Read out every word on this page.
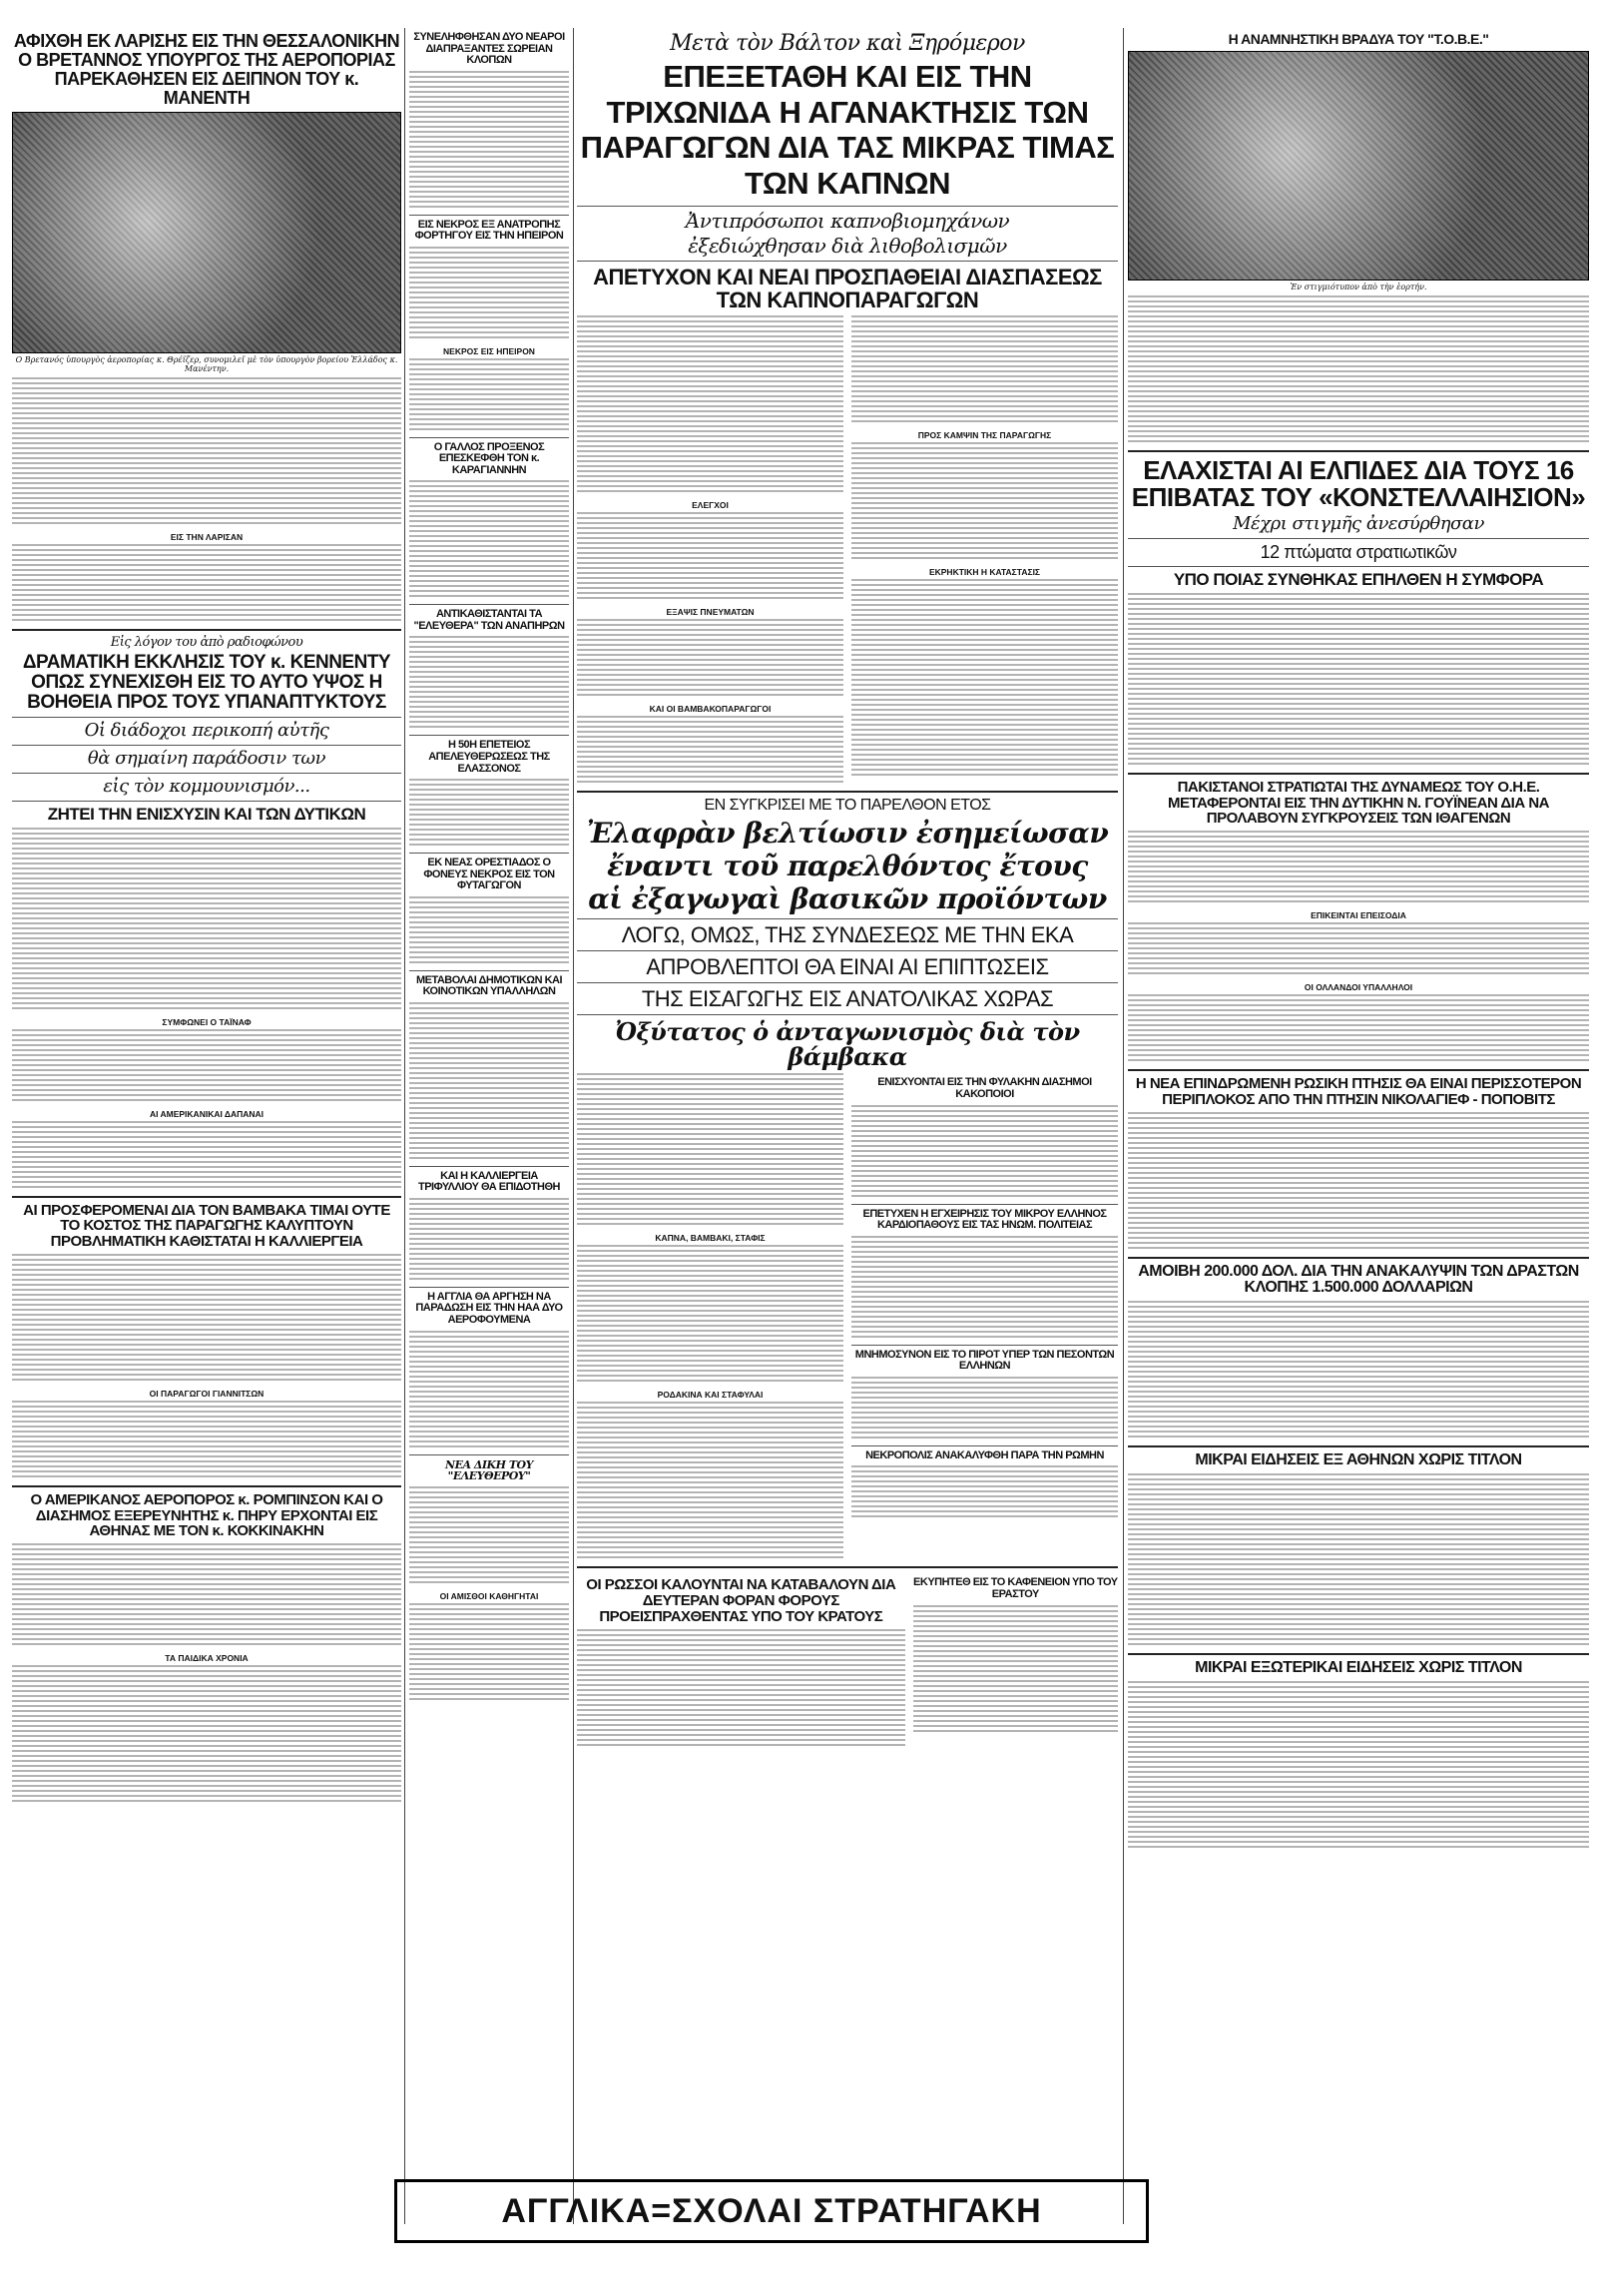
ΑΦΙΧΘΗ ΕΚ ΛΑΡΙΣΗΣ ΕΙΣ ΤΗΝ ΘΕΣΣΑΛΟΝΙΚΗΝ Ο ΒΡΕΤΑΝΝΟΣ ΥΠΟΥΡΓΟΣ ΤΗΣ ΑΕΡΟΠΟΡΙΑΣ ΠΑΡΕΚΑΘΗΣΕΝ ΕΙΣ ΔΕΙΠΝΟΝ ΤΟΥ κ. ΜΑΝΕΝΤΗ
Ο Βρετανός ὑπουργὸς ἀεροπορίας κ. Θρέϊζερ, συνομιλεῖ μὲ τὸν ὑπουργὸν βορείου Ἑλλάδος κ. Μανέντην.
ΕΙΣ ΤΗΝ ΛΑΡΙΣΑΝ
Εἰς λόγον του ἀπὸ ραδιοφώνου
ΔΡΑΜΑΤΙΚΗ ΕΚΚΛΗΣΙΣ ΤΟΥ κ. ΚΕΝΝΕΝΤΥ ΟΠΩΣ ΣΥΝΕΧΙΣΘΗ ΕΙΣ ΤΟ ΑΥΤΟ ΥΨΟΣ Η ΒΟΗΘΕΙΑ ΠΡΟΣ ΤΟΥΣ ΥΠΑΝΑΠΤΥΚΤΟΥΣ
Οἱ διάδοχοι περικοπή αὐτῆς
θὰ σημαίνη παράδοσιν των
εἰς τὸν κομμουνισμόν...
ΖΗΤΕΙ ΤΗΝ ΕΝΙΣΧΥΣΙΝ ΚΑΙ ΤΩΝ ΔΥΤΙΚΩΝ
ΣΥΜΦΩΝΕΙ Ο ΤΑΪΝΑΦ
ΑΙ ΑΜΕΡΙΚΑΝΙΚΑΙ ΔΑΠΑΝΑΙ
ΑΙ ΠΡΟΣΦΕΡΟΜΕΝΑΙ ΔΙΑ ΤΟΝ ΒΑΜΒΑΚΑ ΤΙΜΑΙ ΟΥΤΕ ΤΟ ΚΟΣΤΟΣ ΤΗΣ ΠΑΡΑΓΩΓΗΣ ΚΑΛΥΠΤΟΥΝ ΠΡΟΒΛΗΜΑΤΙΚΗ ΚΑΘΙΣΤΑΤΑΙ Η ΚΑΛΛΙΕΡΓΕΙΑ
ΟΙ ΠΑΡΑΓΩΓΟΙ ΓΙΑΝΝΙΤΣΩΝ
Ο ΑΜΕΡΙΚΑΝΟΣ ΑΕΡΟΠΟΡΟΣ κ. ΡΟΜΠΙΝΣΟΝ ΚΑΙ Ο ΔΙΑΣΗΜΟΣ ΕΞΕΡΕΥΝΗΤΗΣ κ. ΠΗΡΥ ΕΡΧΟΝΤΑΙ ΕΙΣ ΑΘΗΝΑΣ ΜΕ ΤΟΝ κ. ΚΟΚΚΙΝΑΚΗΝ
ΤΑ ΠΑΙΔΙΚΑ ΧΡΟΝΙΑ
ΣΥΝΕΛΗΦΘΗΣΑΝ ΔΥΟ ΝΕΑΡΟΙ ΔΙΑΠΡΑΞΑΝΤΕΣ ΣΩΡΕΙΑΝ ΚΛΟΠΩΝ
ΕΙΣ ΝΕΚΡΟΣ ΕΞ ΑΝΑΤΡΟΠΗΣ ΦΟΡΤΗΓΟΥ ΕΙΣ ΤΗΝ ΗΠΕΙΡΟΝ
ΝΕΚΡΟΣ ΕΙΣ ΗΠΕΙΡΟΝ
Ο ΓΑΛΛΟΣ ΠΡΟΞΕΝΟΣ ΕΠΕΣΚΕΦΘΗ ΤΟΝ κ. ΚΑΡΑΓΙΑΝΝΗΝ
ΑΝΤΙΚΑΘΙΣΤΑΝΤΑΙ ΤΑ "ΕΛΕΥΘΕΡΑ" ΤΩΝ ΑΝΑΠΗΡΩΝ
Η 50Η ΕΠΕΤΕΙΟΣ ΑΠΕΛΕΥΘΕΡΩΣΕΩΣ ΤΗΣ ΕΛΑΣΣΟΝΟΣ
ΕΚ ΝΕΑΣ ΟΡΕΣΤΙΑΔΟΣ Ο ΦΟΝΕΥΣ ΝΕΚΡΟΣ ΕΙΣ ΤΟΝ ΦΥΤΑΓΩΓΟΝ
ΜΕΤΑΒΟΛΑΙ ΔΗΜΟΤΙΚΩΝ ΚΑΙ ΚΟΙΝΟΤΙΚΩΝ ΥΠΑΛΛΗΛΩΝ
ΚΑΙ Η ΚΑΛΛΙΕΡΓΕΙΑ ΤΡΙΦΥΛΛΙΟΥ ΘΑ ΕΠΙΔΟΤΗΘΗ
Η ΑΓΓΛΙΑ ΘΑ ΑΡΓΗΣΗ ΝΑ ΠΑΡΑΔΩΣΗ ΕΙΣ ΤΗΝ ΗΑΑ ΔΥΟ ΑΕΡΟΦΟΥΜΕΝΑ
ΝΕΑ ΔΙΚΗ ΤΟΥ "ΕΛΕΥΘΕΡΟΥ"
ΟΙ ΑΜΙΣΘΟΙ ΚΑΘΗΓΗΤΑΙ
Μετὰ τὸν Βάλτον καὶ Ξηρόμερον
ΕΠΕΞΕΤΑΘΗ ΚΑΙ ΕΙΣ ΤΗΝ ΤΡΙΧΩΝΙΔΑ Η ΑΓΑΝΑΚΤΗΣΙΣ ΤΩΝ ΠΑΡΑΓΩΓΩΝ ΔΙΑ ΤΑΣ ΜΙΚΡΑΣ ΤΙΜΑΣ ΤΩΝ ΚΑΠΝΩΝ
Ἀντιπρόσωποι καπνοβιομηχάνων
ἐξεδιώχθησαν διὰ λιθοβολισμῶν
ΑΠΕΤΥΧΟΝ ΚΑΙ ΝΕΑΙ ΠΡΟΣΠΑΘΕΙΑΙ ΔΙΑΣΠΑΣΕΩΣ ΤΩΝ ΚΑΠΝΟΠΑΡΑΓΩΓΩΝ
ΕΛΕΓΧΟΙ
ΕΞΑΨΙΣ ΠΝΕΥΜΑΤΩΝ
ΚΑΙ ΟΙ ΒΑΜΒΑΚΟΠΑΡΑΓΩΓΟΙ
ΠΡΟΣ ΚΑΜΨΙΝ ΤΗΣ ΠΑΡΑΓΩΓΗΣ
ΕΚΡΗΚΤΙΚΗ Η ΚΑΤΑΣΤΑΣΙΣ
ΕΝ ΣΥΓΚΡΙΣΕΙ ΜΕ ΤΟ ΠΑΡΕΛΘΟΝ ΕΤΟΣ
Ἐλαφρὰν βελτίωσιν ἐσημείωσαν
ἔναντι τοῦ παρελθόντος ἔτους
αἱ ἐξαγωγαὶ βασικῶν προϊόντων
ΛΟΓΩ, ΟΜΩΣ, ΤΗΣ ΣΥΝΔΕΣΕΩΣ ΜΕ ΤΗΝ ΕΚΑ
ΑΠΡΟΒΛΕΠΤΟΙ ΘΑ ΕΙΝΑΙ ΑΙ ΕΠΙΠΤΩΣΕΙΣ
ΤΗΣ ΕΙΣΑΓΩΓΗΣ ΕΙΣ ΑΝΑΤΟΛΙΚΑΣ ΧΩΡΑΣ
Ὀξύτατος ὁ ἀνταγωνισμὸς διὰ τὸν βάμβακα
ΚΑΠΝΑ, ΒΑΜΒΑΚΙ, ΣΤΑΦΙΣ
ΡΟΔΑΚΙΝΑ ΚΑΙ ΣΤΑΦΥΛΑΙ
ΕΝΙΣΧΥΟΝΤΑΙ ΕΙΣ ΤΗΝ ΦΥΛΑΚΗΝ ΔΙΑΣΗΜΟΙ ΚΑΚΟΠΟΙΟΙ
ΕΠΕΤΥΧΕΝ Η ΕΓΧΕΙΡΗΣΙΣ ΤΟΥ ΜΙΚΡΟΥ ΕΛΛΗΝΟΣ ΚΑΡΔΙΟΠΑΘΟΥΣ ΕΙΣ ΤΑΣ ΗΝΩΜ. ΠΟΛΙΤΕΙΑΣ
ΜΝΗΜΟΣΥΝΟΝ ΕΙΣ ΤΟ ΠΙΡΟΤ ΥΠΕΡ ΤΩΝ ΠΕΣΟΝΤΩΝ ΕΛΛΗΝΩΝ
ΝΕΚΡΟΠΟΛΙΣ ΑΝΑΚΑΛΥΦΘΗ ΠΑΡΑ ΤΗΝ ΡΩΜΗΝ
ΟΙ ΡΩΣΣΟΙ ΚΑΛΟΥΝΤΑΙ ΝΑ ΚΑΤΑΒΑΛΟΥΝ ΔΙΑ ΔΕΥΤΕΡΑΝ ΦΟΡΑΝ ΦΟΡΟΥΣ ΠΡΟΕΙΣΠΡΑΧΘΕΝΤΑΣ ΥΠΟ ΤΟΥ ΚΡΑΤΟΥΣ
ΕΚΥΠΗΤΕΘ ΕΙΣ ΤΟ ΚΑΦΕΝΕΙΟΝ ΥΠΟ ΤΟΥ ΕΡΑΣΤΟΥ
Η ΑΝΑΜΝΗΣΤΙΚΗ ΒΡΑΔΥΑ ΤΟΥ "Τ.Ο.Β.Ε."
Ἐν στιγμιότυπον ἀπὸ τὴν ἑορτήν.
ΕΛΑΧΙΣΤΑΙ ΑΙ ΕΛΠΙΔΕΣ ΔΙΑ ΤΟΥΣ 16 ΕΠΙΒΑΤΑΣ ΤΟΥ «ΚΟΝΣΤΕΛΛΑΙΗΣΙΟΝ»
Μέχρι στιγμῆς ἀνεσύρθησαν
12 πτώματα στρατιωτικῶν
ΥΠΟ ΠΟΙΑΣ ΣΥΝΘΗΚΑΣ ΕΠΗΛΘΕΝ Η ΣΥΜΦΟΡΑ
ΠΑΚΙΣΤΑΝΟΙ ΣΤΡΑΤΙΩΤΑΙ ΤΗΣ ΔΥΝΑΜΕΩΣ ΤΟΥ Ο.Η.Ε. ΜΕΤΑΦΕΡΟΝΤΑΙ ΕΙΣ ΤΗΝ ΔΥΤΙΚΗΝ Ν. ΓΟΥΪΝΕΑΝ ΔΙΑ ΝΑ ΠΡΟΛΑΒΟΥΝ ΣΥΓΚΡΟΥΣΕΙΣ ΤΩΝ ΙΘΑΓΕΝΩΝ
ΕΠΙΚΕΙΝΤΑΙ ΕΠΕΙΣΟΔΙΑ
ΟΙ ΟΛΛΑΝΔΟΙ ΥΠΑΛΛΗΛΟΙ
Η ΝΕΑ ΕΠΙΝΔΡΩΜΕΝΗ ΡΩΣΙΚΗ ΠΤΗΣΙΣ ΘΑ ΕΙΝΑΙ ΠΕΡΙΣΣΟΤΕΡΟΝ ΠΕΡΙΠΛΟΚΟΣ ΑΠΟ ΤΗΝ ΠΤΗΣΙΝ ΝΙΚΟΛΑΓΙΕΦ - ΠΟΠΟΒΙΤΣ
ΑΜΟΙΒΗ 200.000 ΔΟΛ. ΔΙΑ ΤΗΝ ΑΝΑΚΑΛΥΨΙΝ ΤΩΝ ΔΡΑΣΤΩΝ ΚΛΟΠΗΣ 1.500.000 ΔΟΛΛΑΡΙΩΝ
ΜΙΚΡΑΙ ΕΙΔΗΣΕΙΣ ΕΞ ΑΘΗΝΩΝ ΧΩΡΙΣ ΤΙΤΛΟΝ
ΜΙΚΡΑΙ ΕΞΩΤΕΡΙΚΑΙ ΕΙΔΗΣΕΙΣ ΧΩΡΙΣ ΤΙΤΛΟΝ
ΑΓΓΛΙΚΑ=ΣΧΟΛΑΙ ΣΤΡΑΤΗΓΑΚΗ
